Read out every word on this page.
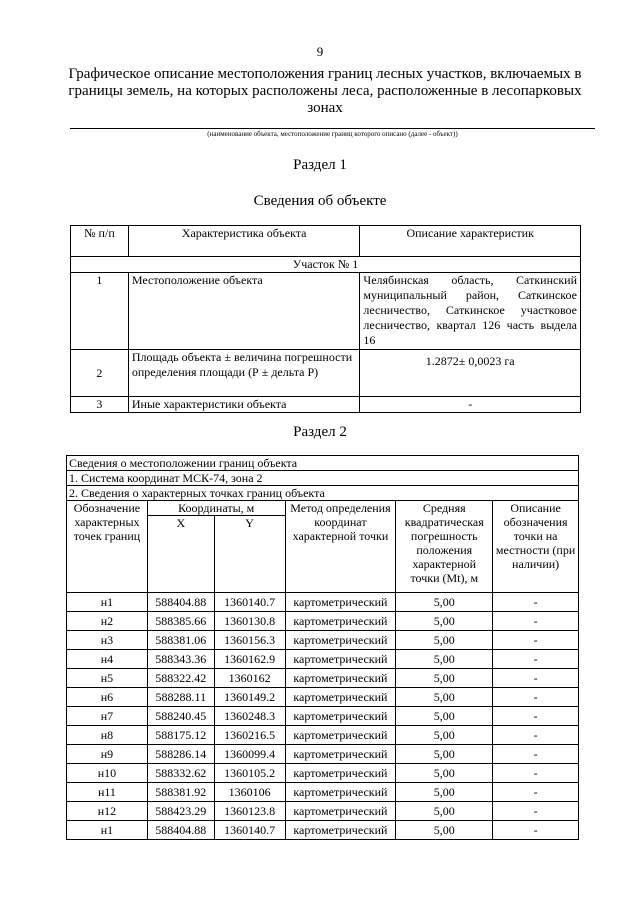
9
Графическое описание местоположения границ лесных участков, включаемых в границы земель, на которых расположены леса, расположенные в лесопарковых зонах
(наименование объекта, местоположение границ которого описано (далее - объект))
Раздел 1
Сведения об объекте
№ п/п	Характеристика объекта	Описание характеристик
Участок № 1		
1	Местоположение объекта	Челябинская область, Саткинский муниципальный район, Саткинское лесничество, Саткинское участковое лесничество, квартал 126 часть выдела 16
2	Площадь объекта ± величина погрешности определения площади (Р ± дельта Р)	1.2872± 0,0023 га
3	Иные характеристики объекта	-
Раздел 2
Сведения о местоположении границ объекта					
1. Система координат МСК-74, зона 2					
2. Сведения о характерных точках границ объекта					
Обозначение характерных точек границ	Координаты, м		Метод определения координат характерной точки	Средняя квадратическая погрешность положения характерной точки (Mt), м	Описание обозначения точки на местности (при наличии)
	X	Y			
н1	588404.88	1360140.7	картометрический	5,00	-
н2	588385.66	1360130.8	картометрический	5,00	-
н3	588381.06	1360156.3	картометрический	5,00	-
н4	588343.36	1360162.9	картометрический	5,00	-
н5	588322.42	1360162	картометрический	5,00	-
н6	588288.11	1360149.2	картометрический	5,00	-
н7	588240.45	1360248.3	картометрический	5,00	-
н8	588175.12	1360216.5	картометрический	5,00	-
н9	588286.14	1360099.4	картометрический	5,00	-
н10	588332.62	1360105.2	картометрический	5,00	-
н11	588381.92	1360106	картометрический	5,00	-
н12	588423.29	1360123.8	картометрический	5,00	-
н1	588404.88	1360140.7	картометрический	5,00	-
